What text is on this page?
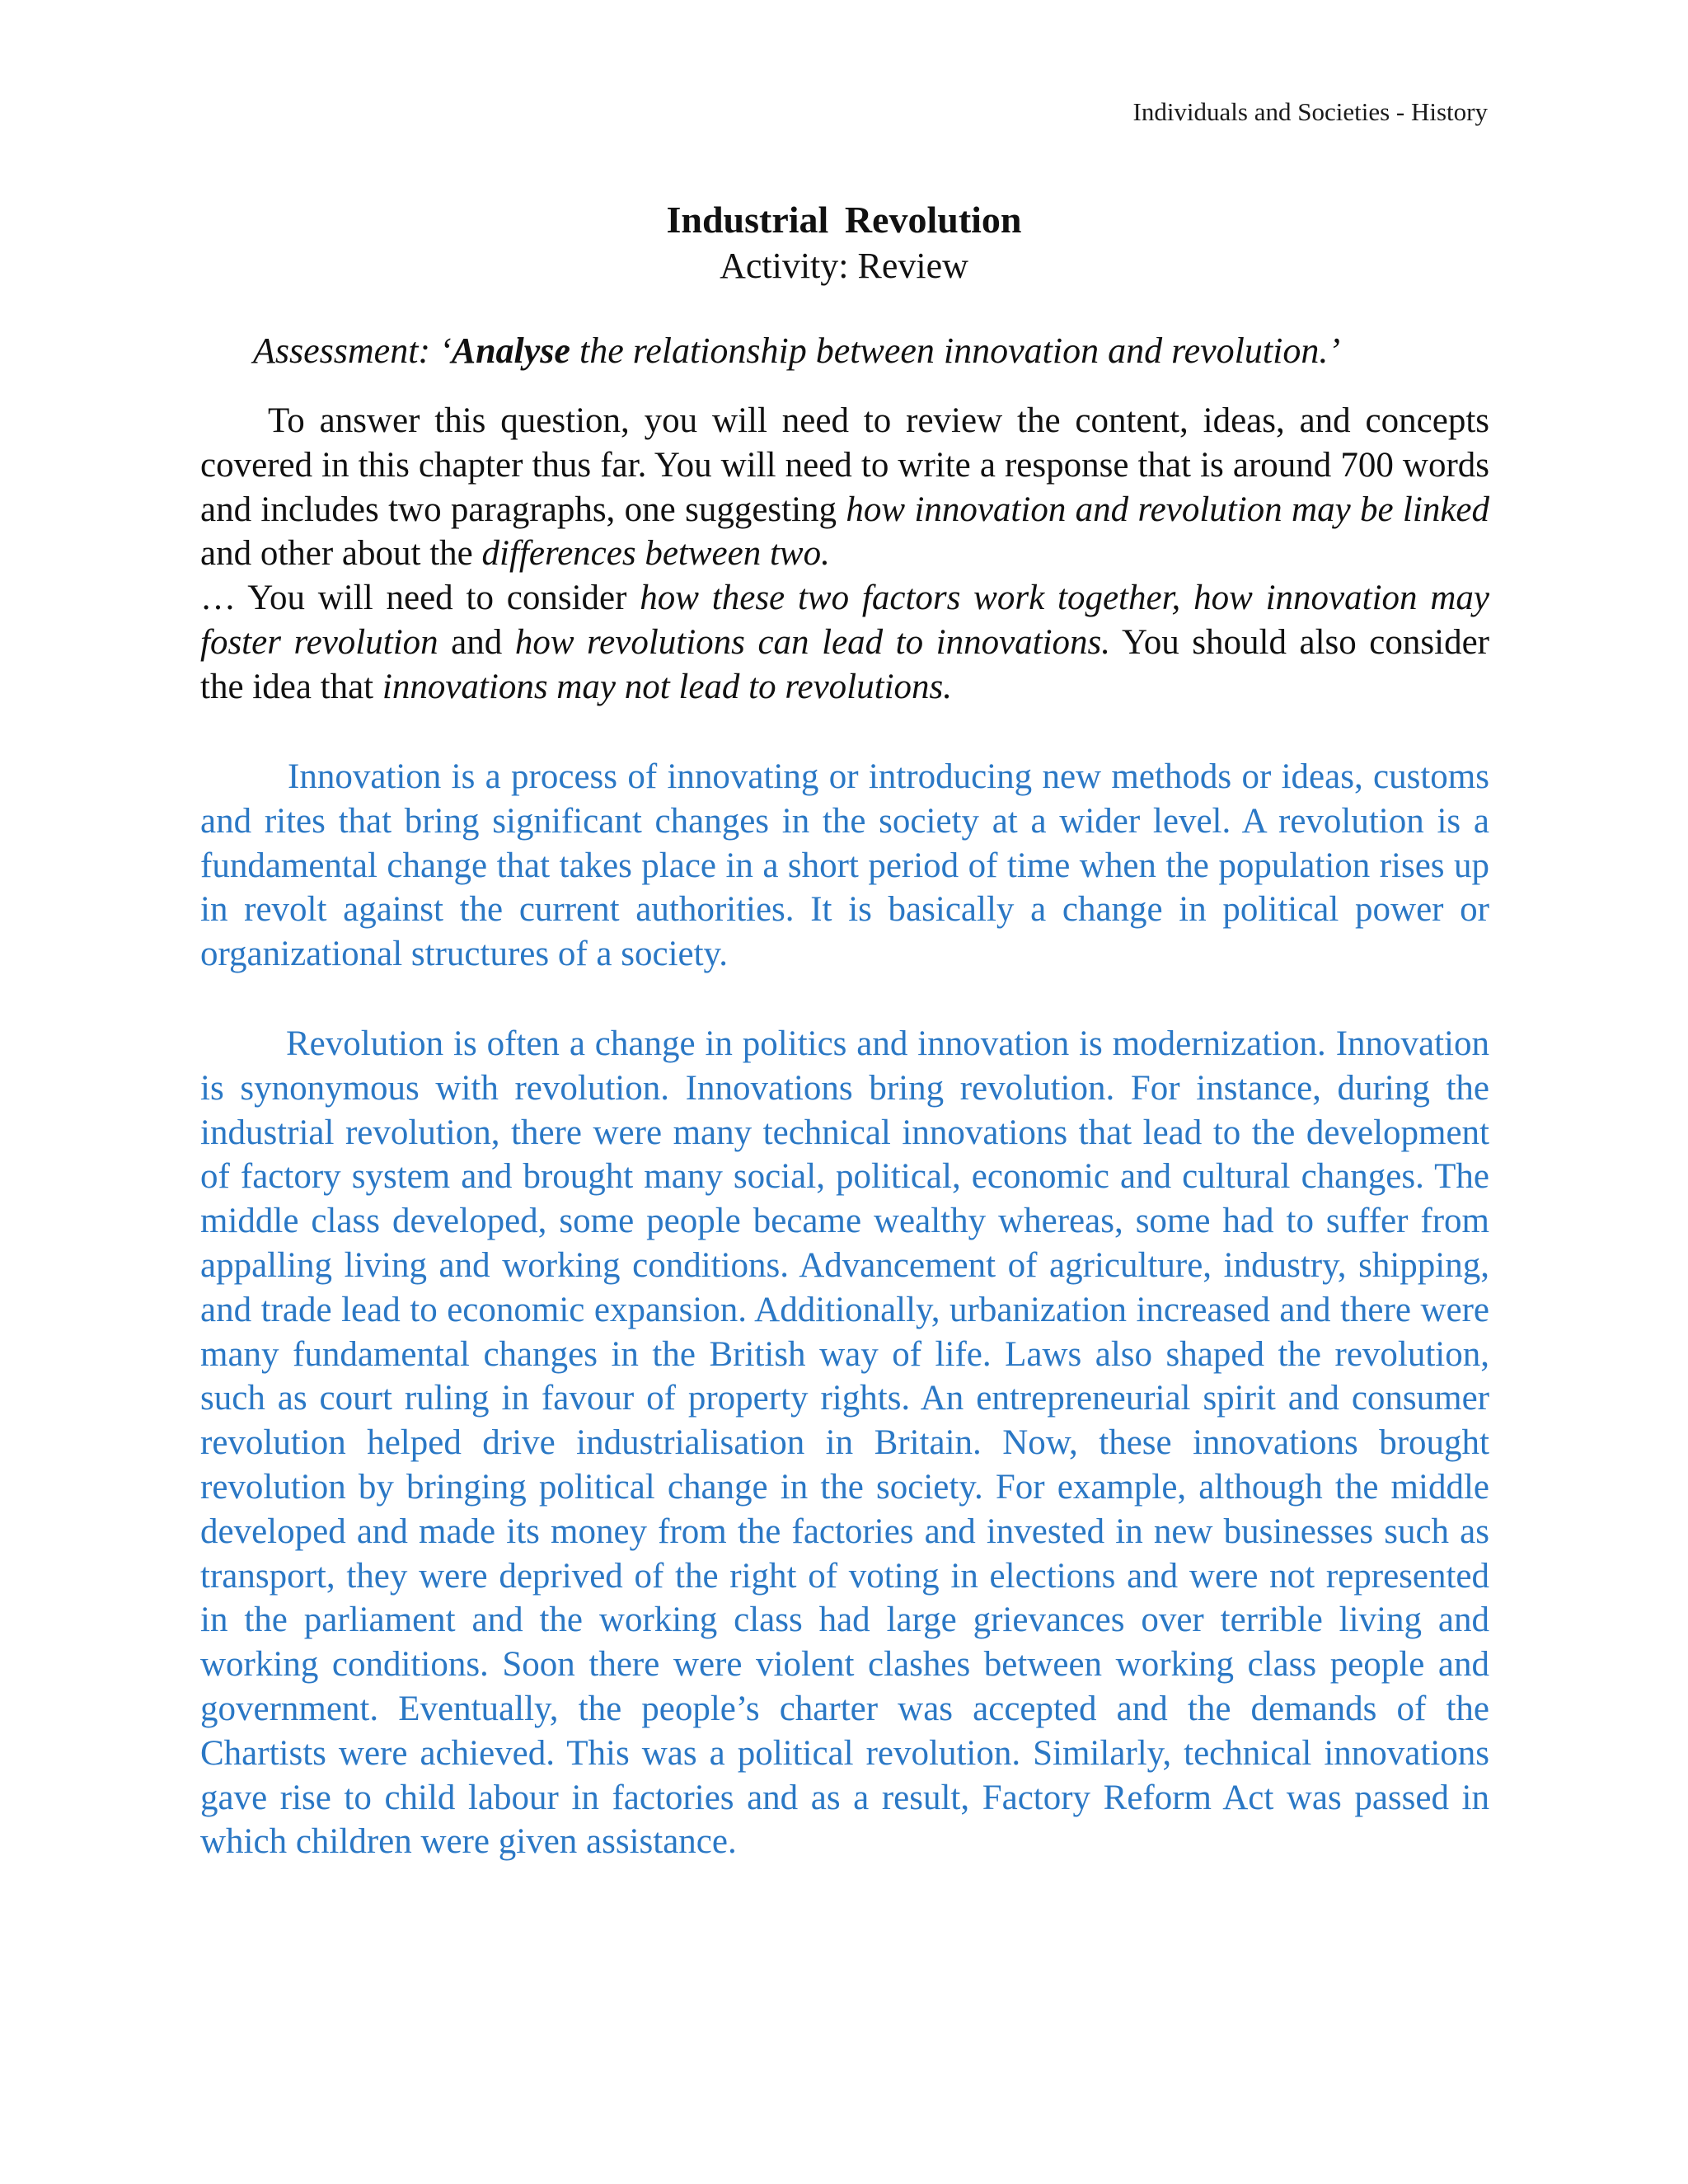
Individuals and Societies - History
Industrial Revolution
Activity: Review
Assessment: ‘Analyse the relationship between innovation and revolution.’

To answer this question, you will need to review the content, ideas, and concepts covered in this chapter thus far. You will need to write a response that is around 700 words and includes two paragraphs, one suggesting how innovation and revolution may be linked and other about the differences between two.

… You will need to consider how these two factors work together, how innovation may foster revolution and how revolutions can lead to innovations. You should also consider the idea that innovations may not lead to revolutions.

Innovation is a process of innovating or introducing new methods or ideas, customs and rites that bring significant changes in the society at a wider level. A revolution is a fundamental change that takes place in a short period of time when the population rises up in revolt against the current authorities. It is basically a change in political power or organizational structures of a society.

Revolution is often a change in politics and innovation is modernization. Innovation is synonymous with revolution. Innovations bring revolution. For instance, during the industrial revolution, there were many technical innovations that lead to the development of factory system and brought many social, political, economic and cultural changes. The middle class developed, some people became wealthy whereas, some had to suffer from appalling living and working conditions. Advancement of agriculture, industry, shipping, and trade lead to economic expansion. Additionally, urbanization increased and there were many fundamental changes in the British way of life. Laws also shaped the revolution, such as court ruling in favour of property rights. An entrepreneurial spirit and consumer revolution helped drive industrialisation in Britain. Now, these innovations brought revolution by bringing political change in the society. For example, although the middle developed and made its money from the factories and invested in new businesses such as transport, they were deprived of the right of voting in elections and were not represented in the parliament and the working class had large grievances over terrible living and working conditions. Soon there were violent clashes between working class people and government. Eventually, the people’s charter was accepted and the demands of the Chartists were achieved. This was a political revolution. Similarly, technical innovations gave rise to child labour in factories and as a result, Factory Reform Act was passed in which children were given assistance.
